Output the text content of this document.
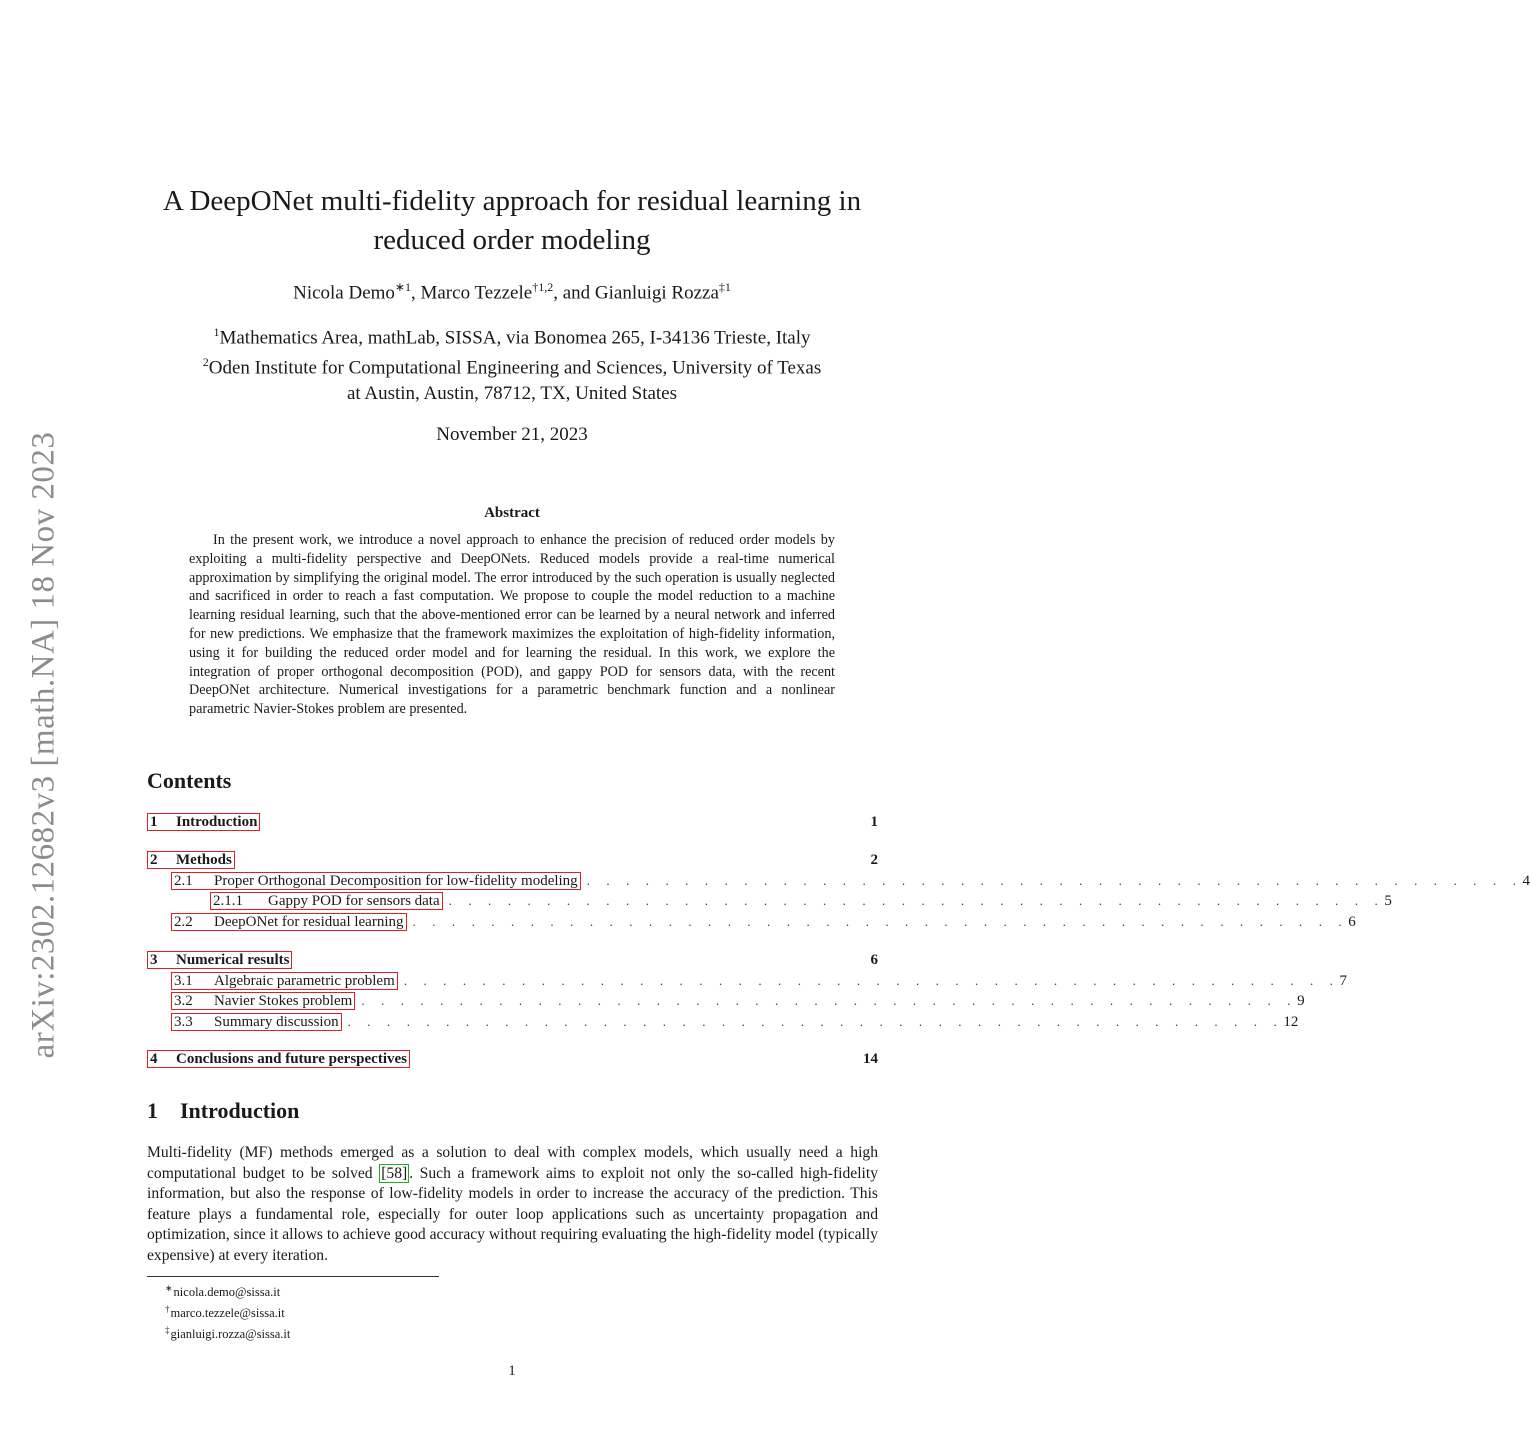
arXiv:2302.12682v3 [math.NA] 18 Nov 2023
A DeepONet multi-fidelity approach for residual learning in
reduced order modeling
Nicola Demo$^{∗1}$, Marco Tezzele$^{\dagger 1,2}$, and Gianluigi Rozza$^{\ddagger 1}$
$^1$Mathematics Area, mathLab, SISSA, via Bonomea 265, I-34136 Trieste, Italy
$^2$Oden Institute for Computational Engineering and Sciences, University of Texas
at Austin, Austin, 78712, TX, United States
November 21, 2023
Abstract
In the present work, we introduce a novel approach to enhance the precision of reduced order models by exploiting a multi-fidelity perspective and DeepONets. Reduced models provide a real-time numerical approximation by simplifying the original model. The error introduced by the such operation is usually neglected and sacrificed in order to reach a fast computation. We propose to couple the model reduction to a machine learning residual learning, such that the above-mentioned error can be learned by a neural network and inferred for new predictions. We emphasize that the framework maximizes the exploitation of high-fidelity information, using it for building the reduced order model and for learning the residual. In this work, we explore the integration of proper orthogonal decomposition (POD), and gappy POD for sensors data, with the recent DeepONet architecture. Numerical investigations for a parametric benchmark function and a nonlinear parametric Navier-Stokes problem are presented.
Contents
1 Introduction	1
2 Methods	2
2.1 Proper Orthogonal Decomposition for low-fidelity modeling . . . . . . . . . . . . . . . . . . . . . . . . . . . . . . . . . . . . . . . . . . . . . . . . 4
2.1.1 Gappy POD for sensors data . . . . . . . . . . . . . . . . . . . . . . . . . . . . . . . . . . . . . . . . . . . . . . . . 5
2.2 DeepONet for residual learning . . . . . . . . . . . . . . . . . . . . . . . . . . . . . . . . . . . . . . . . . . . . . . . . 6
3 Numerical results	6
3.1 Algebraic parametric problem . . . . . . . . . . . . . . . . . . . . . . . . . . . . . . . . . . . . . . . . . . . . . . . . 7
3.2 Navier Stokes problem . . . . . . . . . . . . . . . . . . . . . . . . . . . . . . . . . . . . . . . . . . . . . . . . 9
3.3 Summary discussion . . . . . . . . . . . . . . . . . . . . . . . . . . . . . . . . . . . . . . . . . . . . . . . . 12
4 Conclusions and future perspectives	14
1 Introduction
Multi-fidelity (MF) methods emerged as a solution to deal with complex models, which usually need a high computational budget to be solved [58] . Such a framework aims to exploit not only the so-called high-fidelity information, but also the response of low-fidelity models in order to increase the accuracy of the prediction. This feature plays a fundamental role, especially for outer loop applications such as uncertainty propagation and optimization, since it allows to achieve good accuracy without requiring evaluating the high-fidelity model (typically expensive) at every iteration.
∗nicola.demo@sissa.it
†marco.tezzele@sissa.it
‡gianluigi.rozza@sissa.it
1
